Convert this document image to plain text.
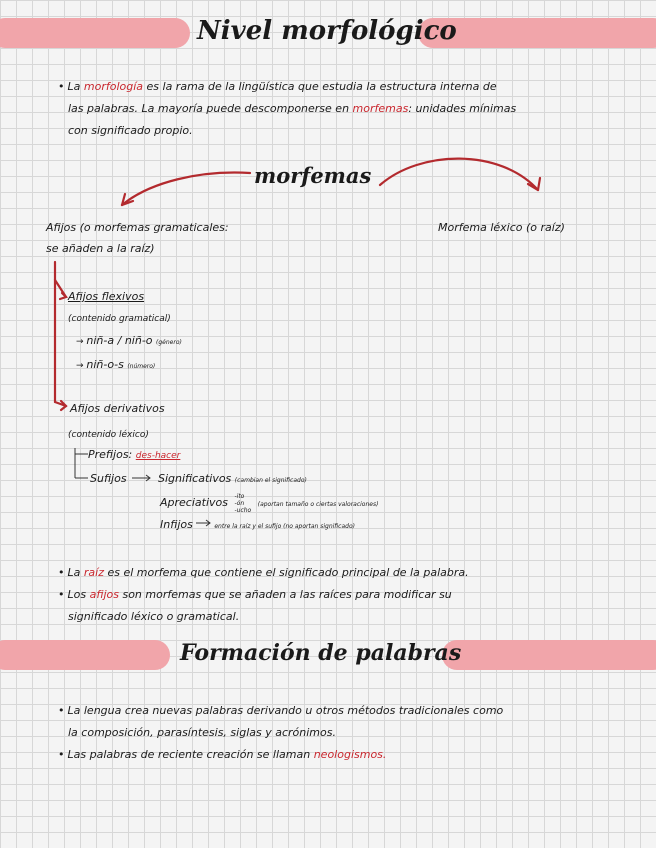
Nivel morfológico

• La morfología es la rama de la lingüística que estudia la estructura interna de

las palabras. La mayoría puede descomponerse en morfemas: unidades mínimas

con significado propio.

morfemas
Afijos (o morfemas gramaticales:
se añaden a la raíz)
Morfema léxico (o raíz)
Afijos flexivos
(contenido gramatical)
→ niñ-a / niñ-o (género)
→ niñ-o-s (número)
Afijos derivativos
(contenido léxico)
Prefijos: des-hacer
Sufijos	Significativos (cambian el significado)
Apreciativos -ito
-ón
-ucho (aportan tamaño o ciertas valoraciones)
Infijos	entre la raíz y el sufijo (no aportan significado)

• La raíz es el morfema que contiene el significado principal de la palabra.

• Los afijos son morfemas que se añaden a las raíces para modificar su

significado léxico o gramatical.

Formación de palabras

• La lengua crea nuevas palabras derivando u otros métodos tradicionales como

la composición, parasíntesis, siglas y acrónimos.

• Las palabras de reciente creación se llaman neologismos.
